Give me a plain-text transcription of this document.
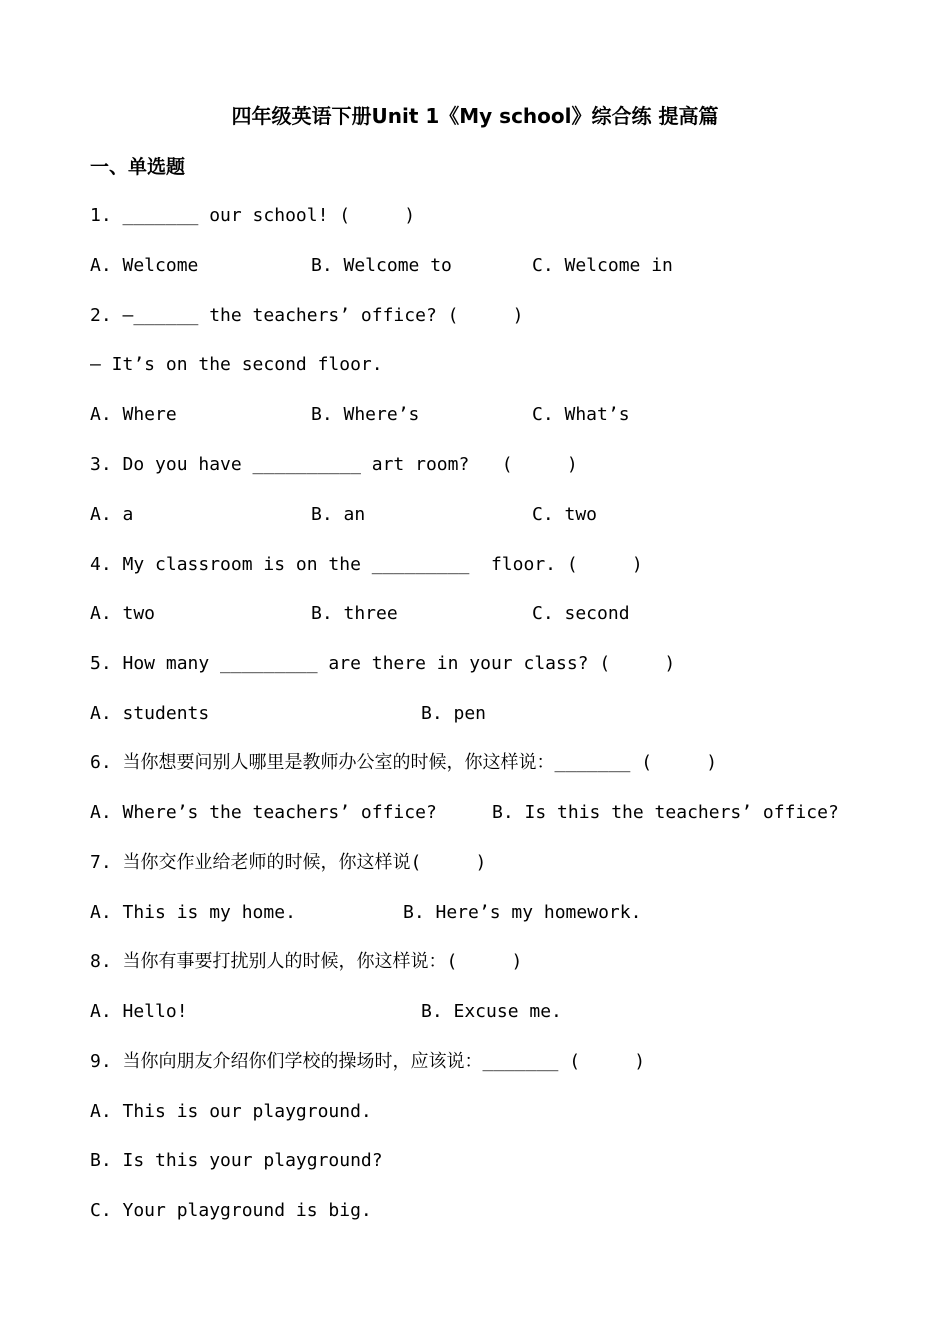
四年级英语下册Unit 1《My school》综合练 提高篇
一、单选题
1. _______ our school! (     )
A. Welcome	B. Welcome to	C. Welcome in
2. —______ the teachers’ office? (     )
— It’s on the second floor.
A. Where	B. Where’s	C. What’s
3. Do you have __________ art room?   (     )
A. a	B. an	C. two
4. My classroom is on the _________  floor. (     )
A. two	B. three	C. second
5. How many _________ are there in your class? (     )
A. students	B. pen
6. 当你想要问别人哪里是教师办公室的时候，你这样说：_______ (     )
A. Where’s the teachers’ office?	B. Is this the teachers’ office?
7. 当你交作业给老师的时候，你这样说(     )
A. This is my home.	B. Here’s my homework.
8. 当你有事要打扰别人的时候，你这样说：(     )
A. Hello!	B. Excuse me.
9. 当你向朋友介绍你们学校的操场时，应该说：_______ (     )
A. This is our playground.
B. Is this your playground?
C. Your playground is big.
